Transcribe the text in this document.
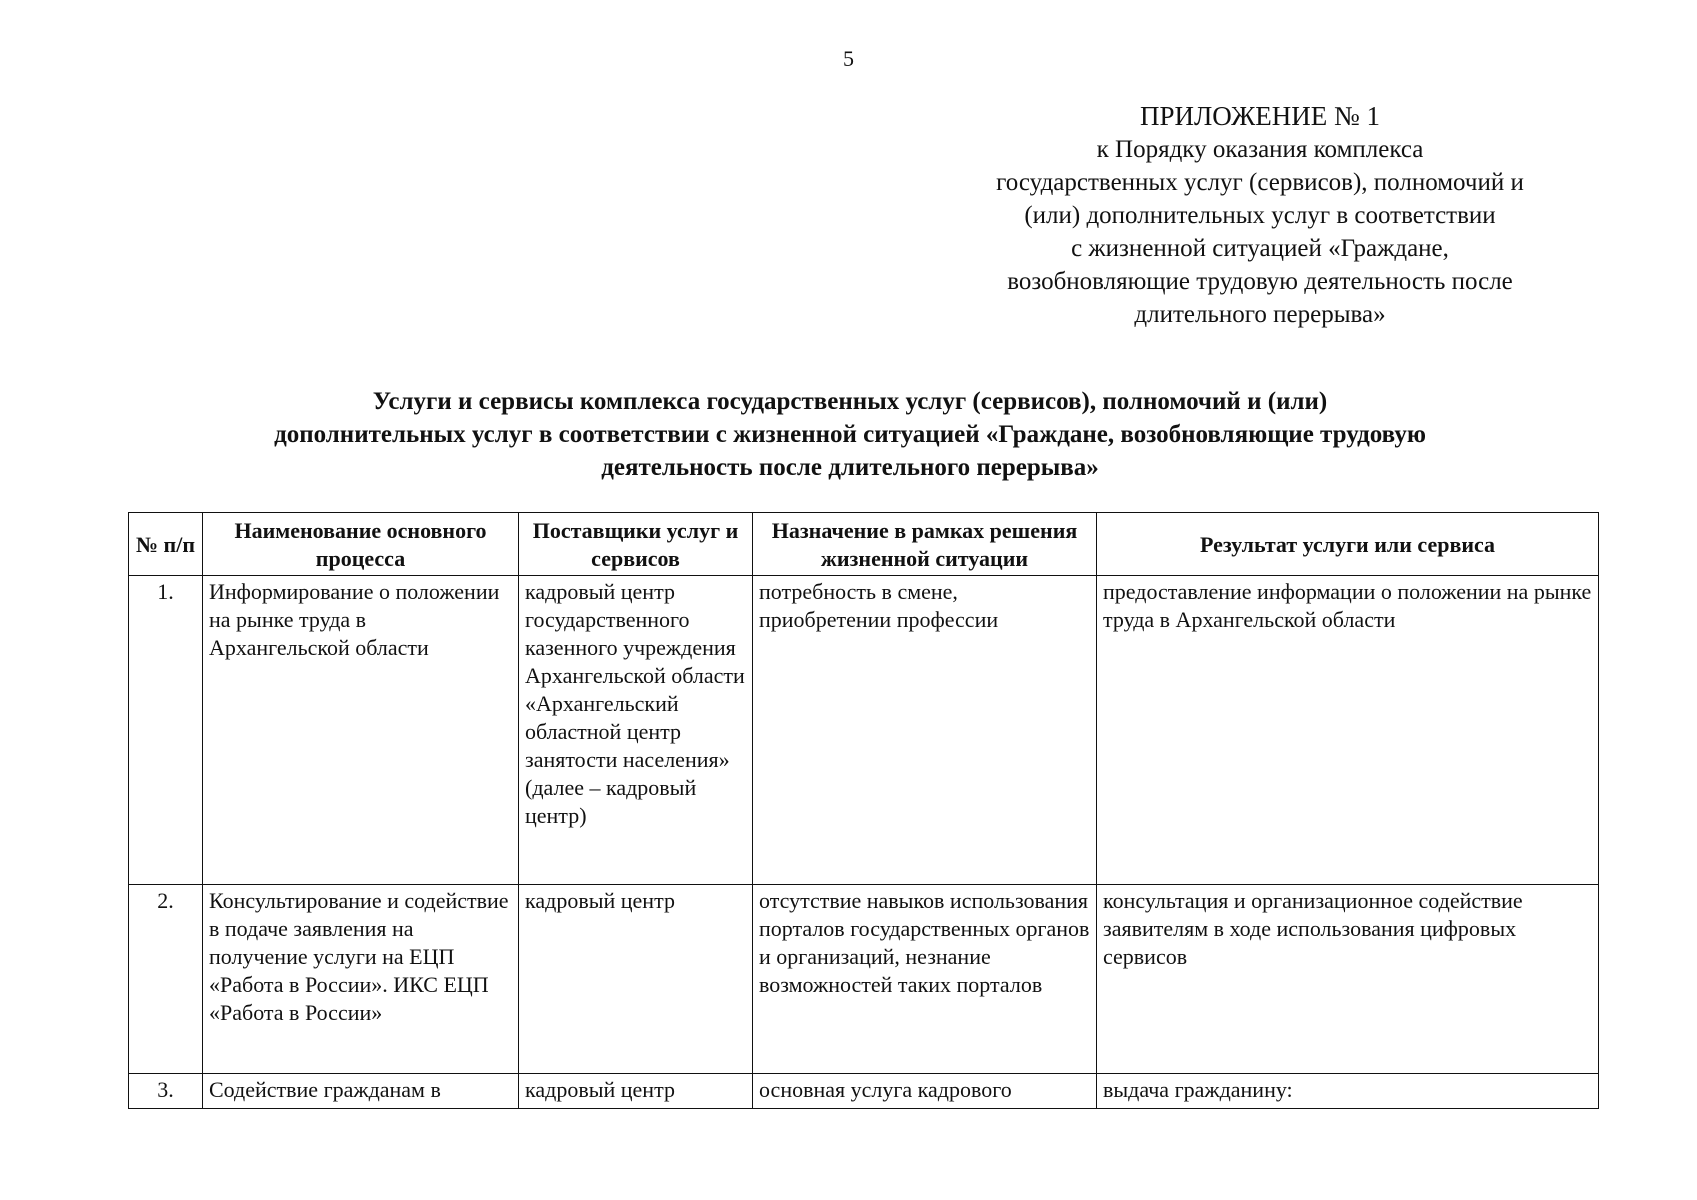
5
ПРИЛОЖЕНИЕ № 1
к Порядку оказания комплекса
государственных услуг (сервисов), полномочий и
(или) дополнительных услуг в соответствии
с жизненной ситуацией «Граждане,
возобновляющие трудовую деятельность после
длительного перерыва»
Услуги и сервисы комплекса государственных услуг (сервисов), полномочий и (или)
дополнительных услуг в соответствии с жизненной ситуацией «Граждане, возобновляющие трудовую
деятельность после длительного перерыва»
№ п/п	Наименование основного процесса	Поставщики услуг и сервисов	Назначение в рамках решения жизненной ситуации	Результат услуги или сервиса
1.	Информирование о положении на рынке труда в Архангельской области	кадровый центр государственного казенного учреждения Архангельской области «Архангельский областной центр занятости населения» (далее – кадровый центр)	потребность в смене, приобретении профессии	предоставление информации о положении на рынке труда в Архангельской области
2.	Консультирование и содействие в подаче заявления на получение услуги на ЕЦП «Работа в России». ИКС ЕЦП «Работа в России»	кадровый центр	отсутствие навыков использования порталов государственных органов и организаций, незнание возможностей таких порталов	консультация и организационное содействие заявителям в ходе использования цифровых сервисов
3.	Содействие гражданам в	кадровый центр	основная услуга кадрового	выдача гражданину:
